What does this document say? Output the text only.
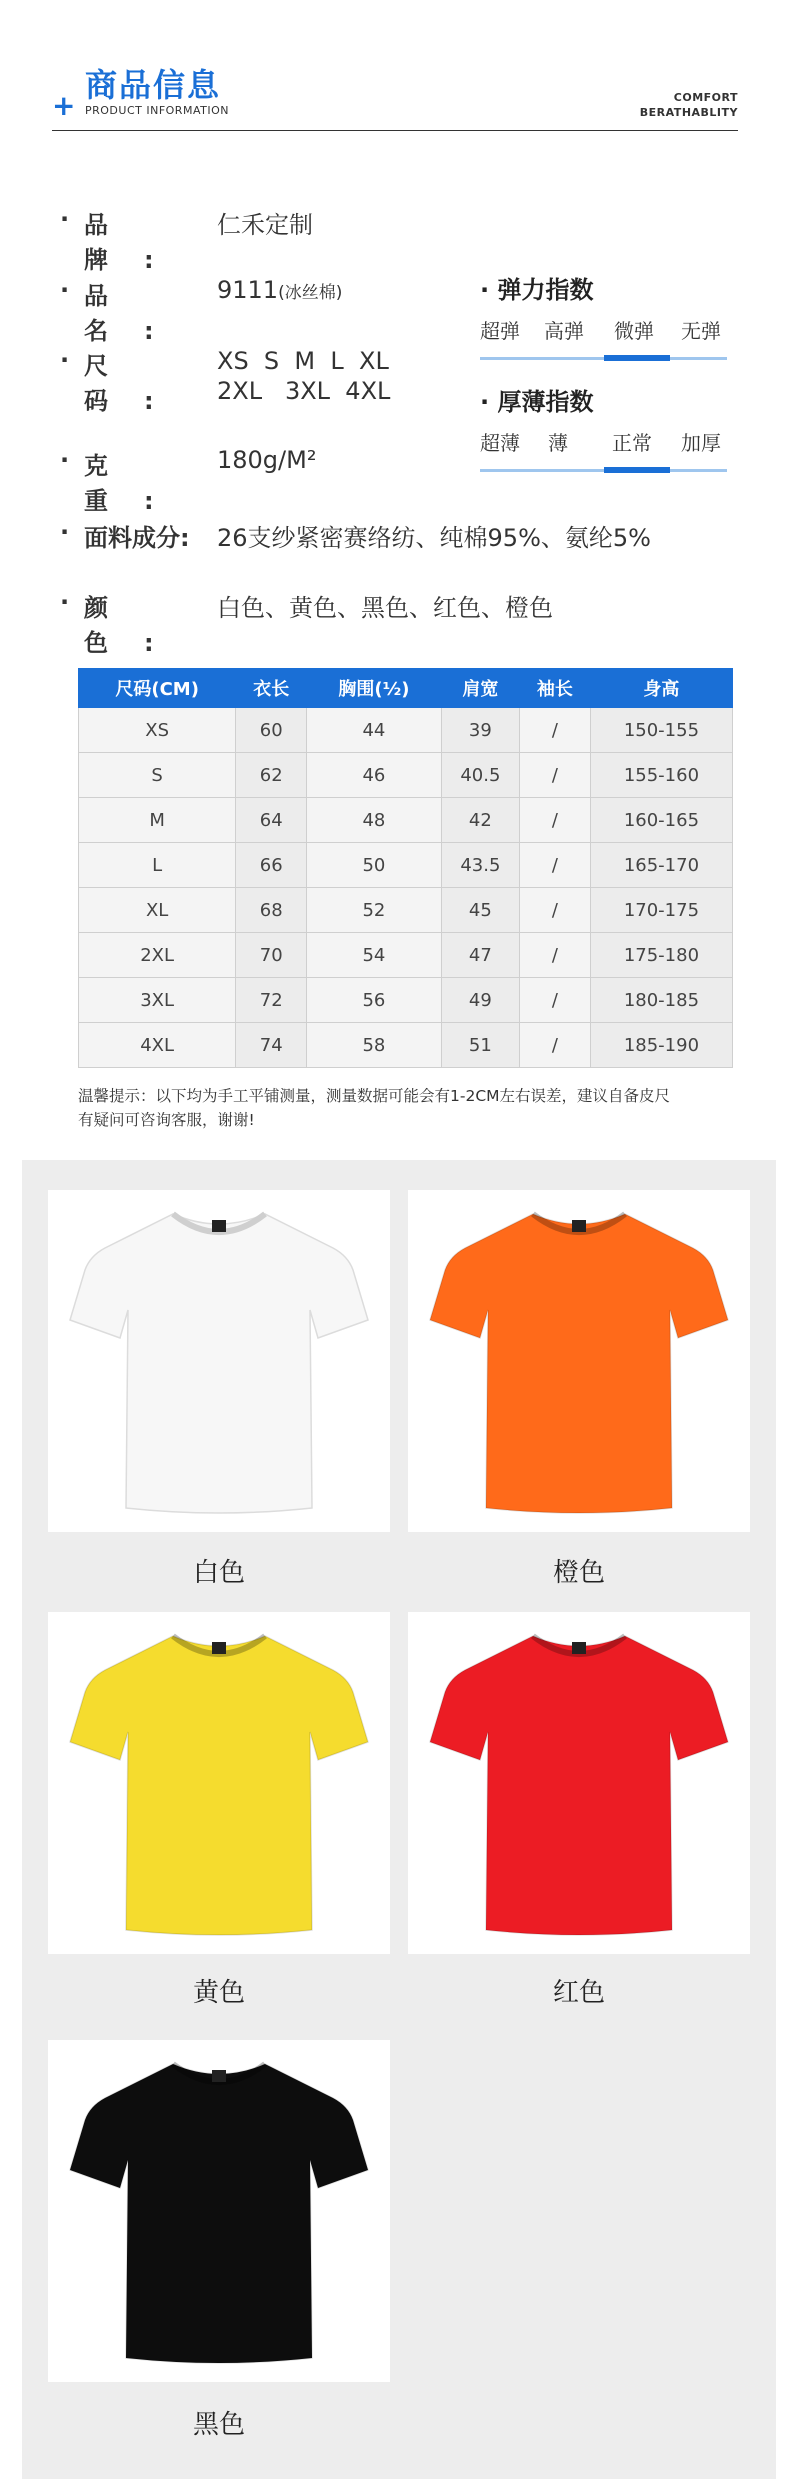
商品信息
+ PRODUCT INFORMATION
COMFORT
BERATHABLITY
· 品牌:
仁禾定制
· 品名:
9111(冰丝棉)
· 尺码:
XS  S  M  L  XL
2XL   3XL  4XL
· 克重:
180g/M²
· 面料成分:	26支纱紧密赛络纺、纯棉95%、氨纶5%
· 颜色:
白色、黄色、黑色、红色、橙色
· 弹力指数
超弹 高弹 微弹 无弹
· 厚薄指数
超薄 薄 正常 加厚
尺码(CM)	衣长	胸围(½)	肩宽	袖长	身高
XS	60	44	39	/	150-155
S	62	46	40.5	/	155-160
M	64	48	42	/	160-165
L	66	50	43.5	/	165-170
XL	68	52	45	/	170-175
2XL	70	54	47	/	175-180
3XL	72	56	49	/	180-185
4XL	74	58	51	/	185-190
温馨提示：以下均为手工平铺测量，测量数据可能会有1-2CM左右误差，建议自备皮尺
有疑问可咨询客服，谢谢!
白色	橙色
黄色	红色
黑色
